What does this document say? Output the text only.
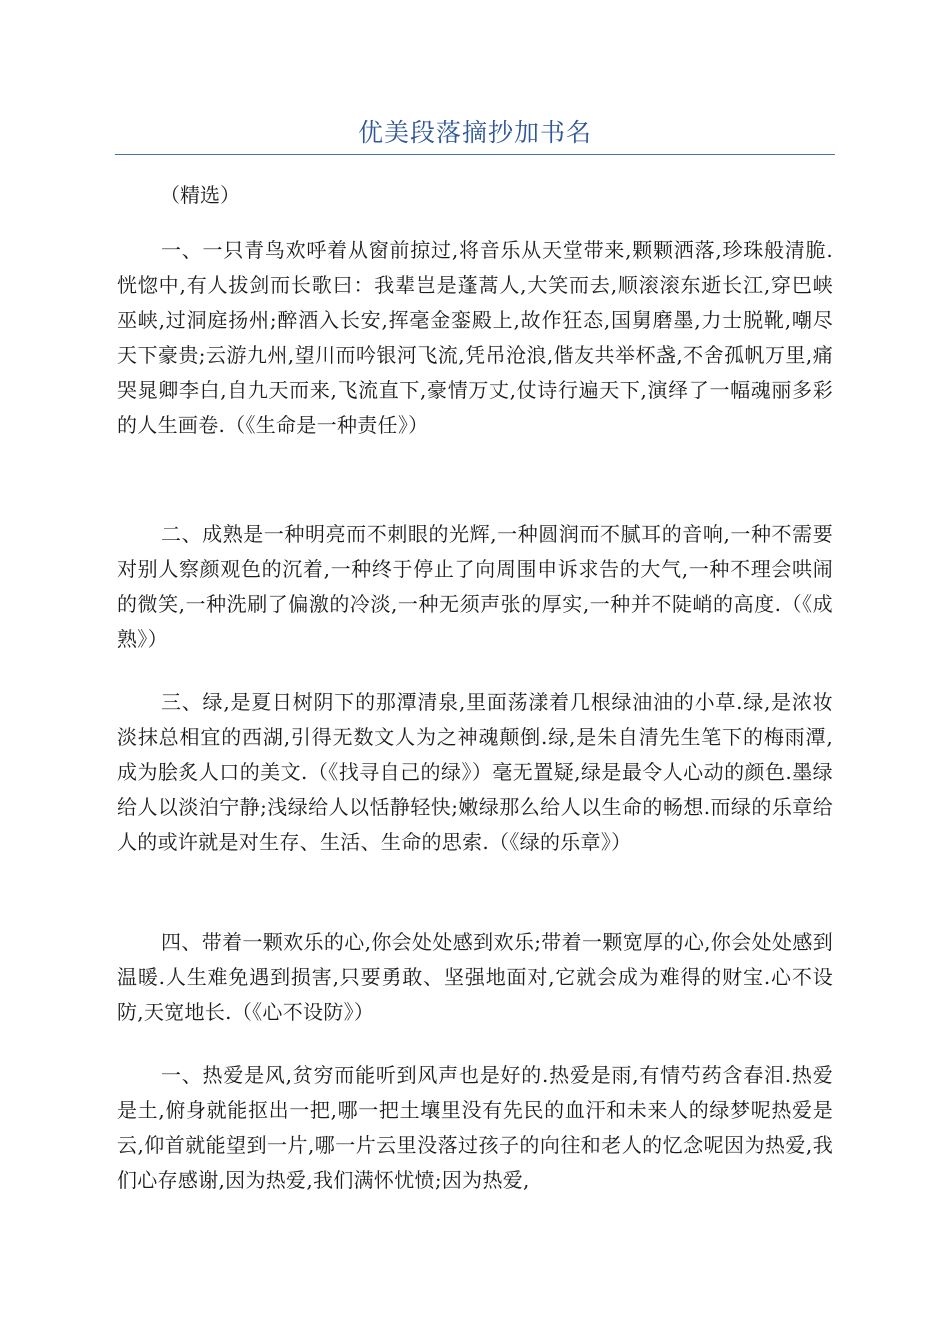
优美段落摘抄加书名
（精选）
一、一只青鸟欢呼着从窗前掠过,将音乐从天堂带来,颗颗洒落,珍珠般清脆.恍惚中,有人拔剑而长歌曰：我辈岂是蓬蒿人,大笑而去,顺滚滚东逝长江,穿巴峡巫峡,过洞庭扬州;醉酒入长安,挥毫金銮殿上,故作狂态,国舅磨墨,力士脱靴,嘲尽天下豪贵;云游九州,望川而吟银河飞流,凭吊沧浪,偕友共举杯盏,不舍孤帆万里,痛哭晁卿李白,自九天而来,飞流直下,豪情万丈,仗诗行遍天下,演绎了一幅魂丽多彩的人生画卷.（《生命是一种责任》）
二、成熟是一种明亮而不刺眼的光辉,一种圆润而不腻耳的音响,一种不需要对别人察颜观色的沉着,一种终于停止了向周围申诉求告的大气,一种不理会哄闹的微笑,一种洗刷了偏激的冷淡,一种无须声张的厚实,一种并不陡峭的高度.（《成熟》）
三、绿,是夏日树阴下的那潭清泉,里面荡漾着几根绿油油的小草.绿,是浓妆淡抹总相宜的西湖,引得无数文人为之神魂颠倒.绿,是朱自清先生笔下的梅雨潭,成为脍炙人口的美文.（《找寻自己的绿》）毫无置疑,绿是最令人心动的颜色.墨绿给人以淡泊宁静;浅绿给人以恬静轻快;嫩绿那么给人以生命的畅想.而绿的乐章给人的或许就是对生存、生活、生命的思索.（《绿的乐章》）
四、带着一颗欢乐的心,你会处处感到欢乐;带着一颗宽厚的心,你会处处感到温暖.人生难免遇到损害,只要勇敢、坚强地面对,它就会成为难得的财宝.心不设防,天宽地长.（《心不设防》）
一、热爱是风,贫穷而能听到风声也是好的.热爱是雨,有情芍药含春泪.热爱是土,俯身就能抠出一把,哪一把土壤里没有先民的血汗和未来人的绿梦呢热爱是云,仰首就能望到一片,哪一片云里没落过孩子的向往和老人的忆念呢因为热爱,我们心存感谢,因为热爱,我们满怀忧愤;因为热爱,
